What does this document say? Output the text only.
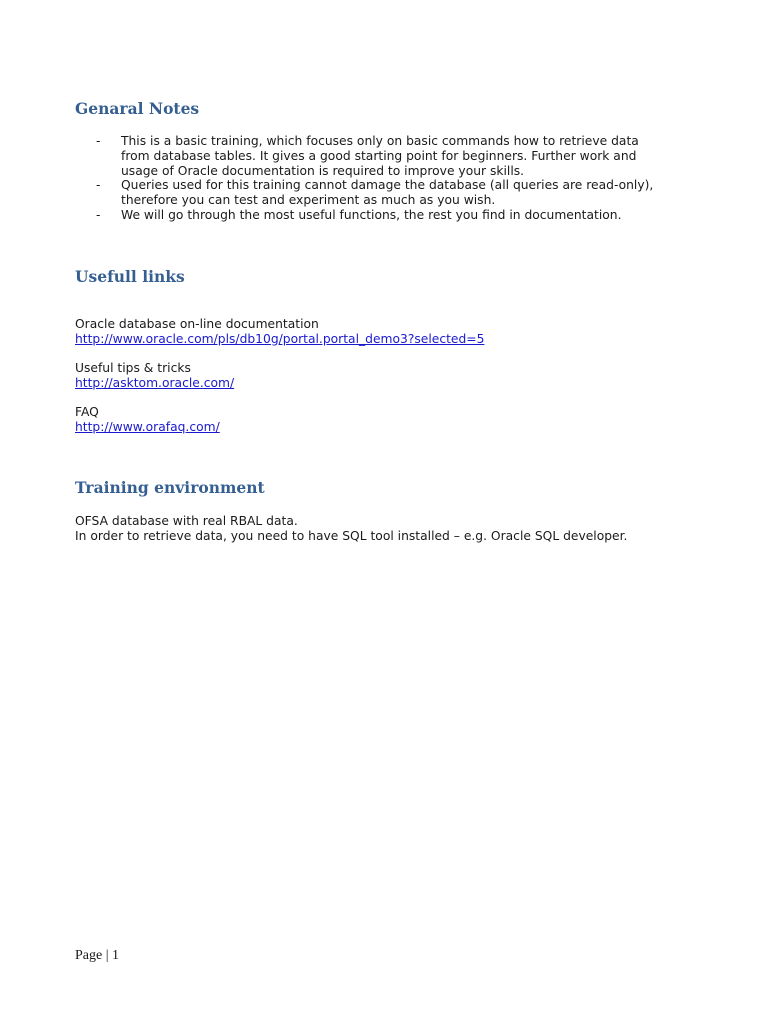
Genaral Notes
-	This is a basic training, which focuses only on basic commands how to retrieve data
from database tables. It gives a good starting point for beginners. Further work and
usage of Oracle documentation is required to improve your skills.
-	Queries used for this training cannot damage the database (all queries are read-only),
therefore you can test and experiment as much as you wish.
-	We will go through the most useful functions, the rest you find in documentation.
Usefull links
Oracle database on-line documentation
http://www.oracle.com/pls/db10g/portal.portal_demo3?selected=5
Useful tips & tricks
http://asktom.oracle.com/
FAQ
http://www.orafaq.com/
Training environment
OFSA database with real RBAL data.
In order to retrieve data, you need to have SQL tool installed – e.g. Oracle SQL developer.
Page | 1
